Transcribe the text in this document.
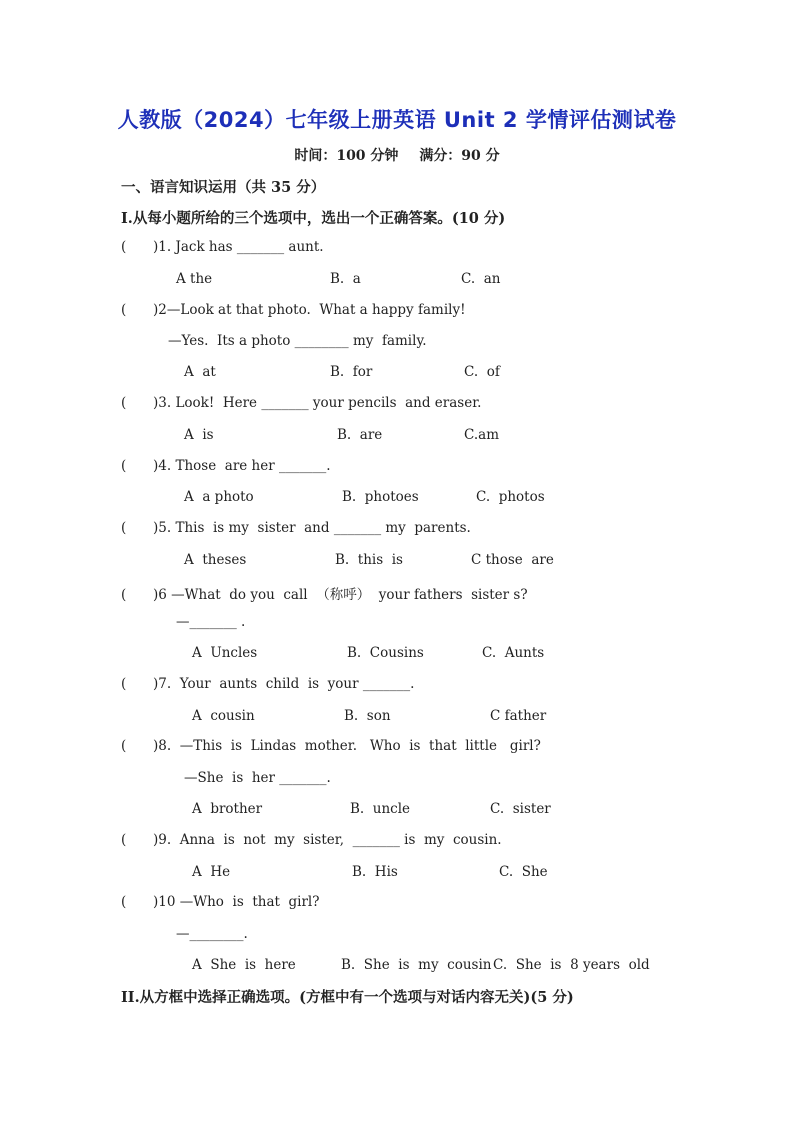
人教版（2024）七年级上册英语 Unit 2 学情评估测试卷
时间：100 分钟 满分：90 分
一、语言知识运用（共 35 分）
I.从每小题所给的三个选项中，选出一个正确答案。(10 分)
( )1. Jack has _______ aunt.
A the	B.  a	C.  an
( )2—Look at that photo.  What a happy family!
—Yes.  Its a photo ________ my  family.
A  at	B.  for	C.  of
( )3. Look!  Here _______ your pencils  and eraser.
A  is	B.  are	C.am
( )4. Those  are her _______.
A  a photo	B.  photoes	C.  photos
( )5. This  is my  sister  and _______ my  parents.
A  theses	B.  this  is	C those  are
( )6 —What  do you  call  （称呼）  your fathers  sister s?
—_______ .
A  Uncles	B.  Cousins	C.  Aunts
( )7.  Your  aunts  child  is  your _______.
A  cousin	B.  son	C father
( )8.  —This  is  Lindas  mother.   Who  is  that  little   girl?
—She  is  her _______.
A  brother	B.  uncle	C.  sister
( )9.  Anna  is  not  my  sister,  _______ is  my  cousin.
A  He	B.  His	C.  She
( )10 —Who  is  that  girl?
—________.
A  She  is  here	B.  She  is  my  cousin C.  She  is  8 years  old
II.从方框中选择正确选项。(方框中有一个选项与对话内容无关)(5 分)
